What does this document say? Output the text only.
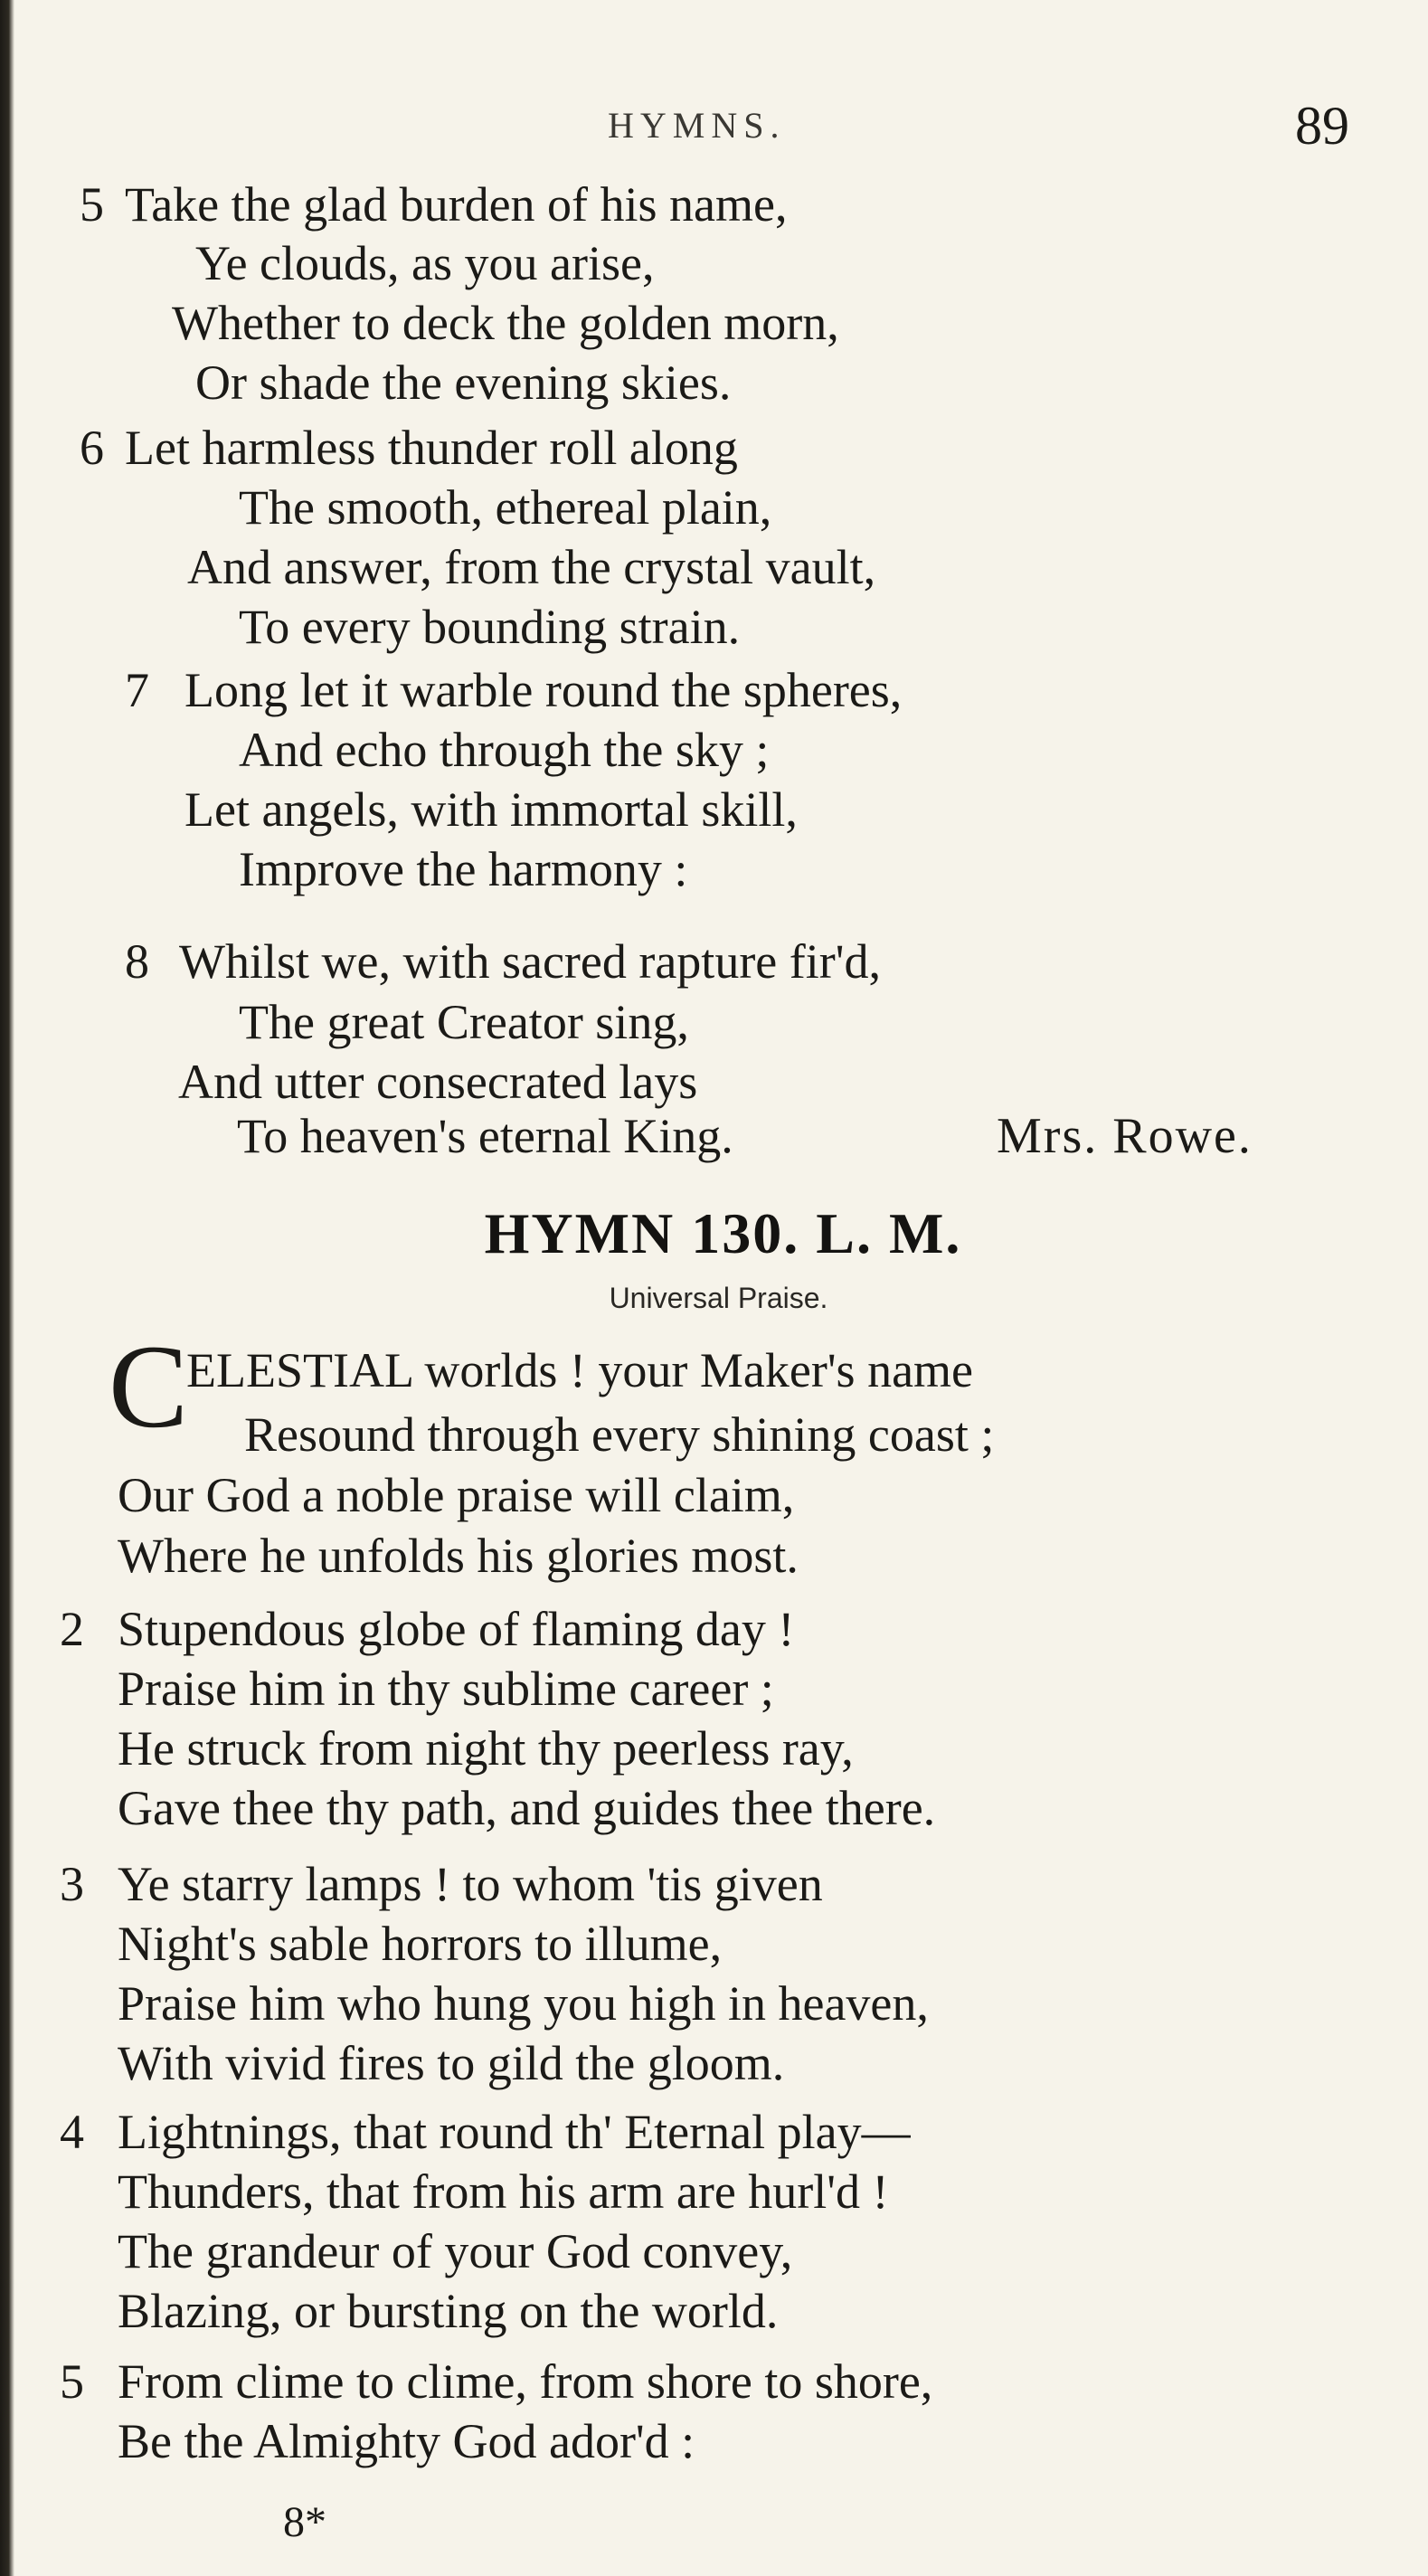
HYMNS.	89
5 Take the glad burden of his name,
Ye clouds, as you arise,
Whether to deck the golden morn,
Or shade the evening skies.
6 Let harmless thunder roll along
The smooth, ethereal plain,
And answer, from the crystal vault,
To every bounding strain.
7 Long let it warble round the spheres,
And echo through the sky ;
Let angels, with immortal skill,
Improve the harmony :
8 Whilst we, with sacred rapture fir'd,
The great Creator sing,
And utter consecrated lays
To heaven's eternal King.	Mrs. Rowe.
HYMN 130. L. M.
Universal Praise.
C
ELESTIAL worlds ! your Maker's name
Resound through every shining coast ;
Our God a noble praise will claim,
Where he unfolds his glories most.
2 Stupendous globe of flaming day !
Praise him in thy sublime career ;
He struck from night thy peerless ray,
Gave thee thy path, and guides thee there.
3 Ye starry lamps ! to whom 'tis given
Night's sable horrors to illume,
Praise him who hung you high in heaven,
With vivid fires to gild the gloom.
4 Lightnings, that round th' Eternal play—
Thunders, that from his arm are hurl'd !
The grandeur of your God convey,
Blazing, or bursting on the world.
5 From clime to clime, from shore to shore,
Be the Almighty God ador'd :
8*
